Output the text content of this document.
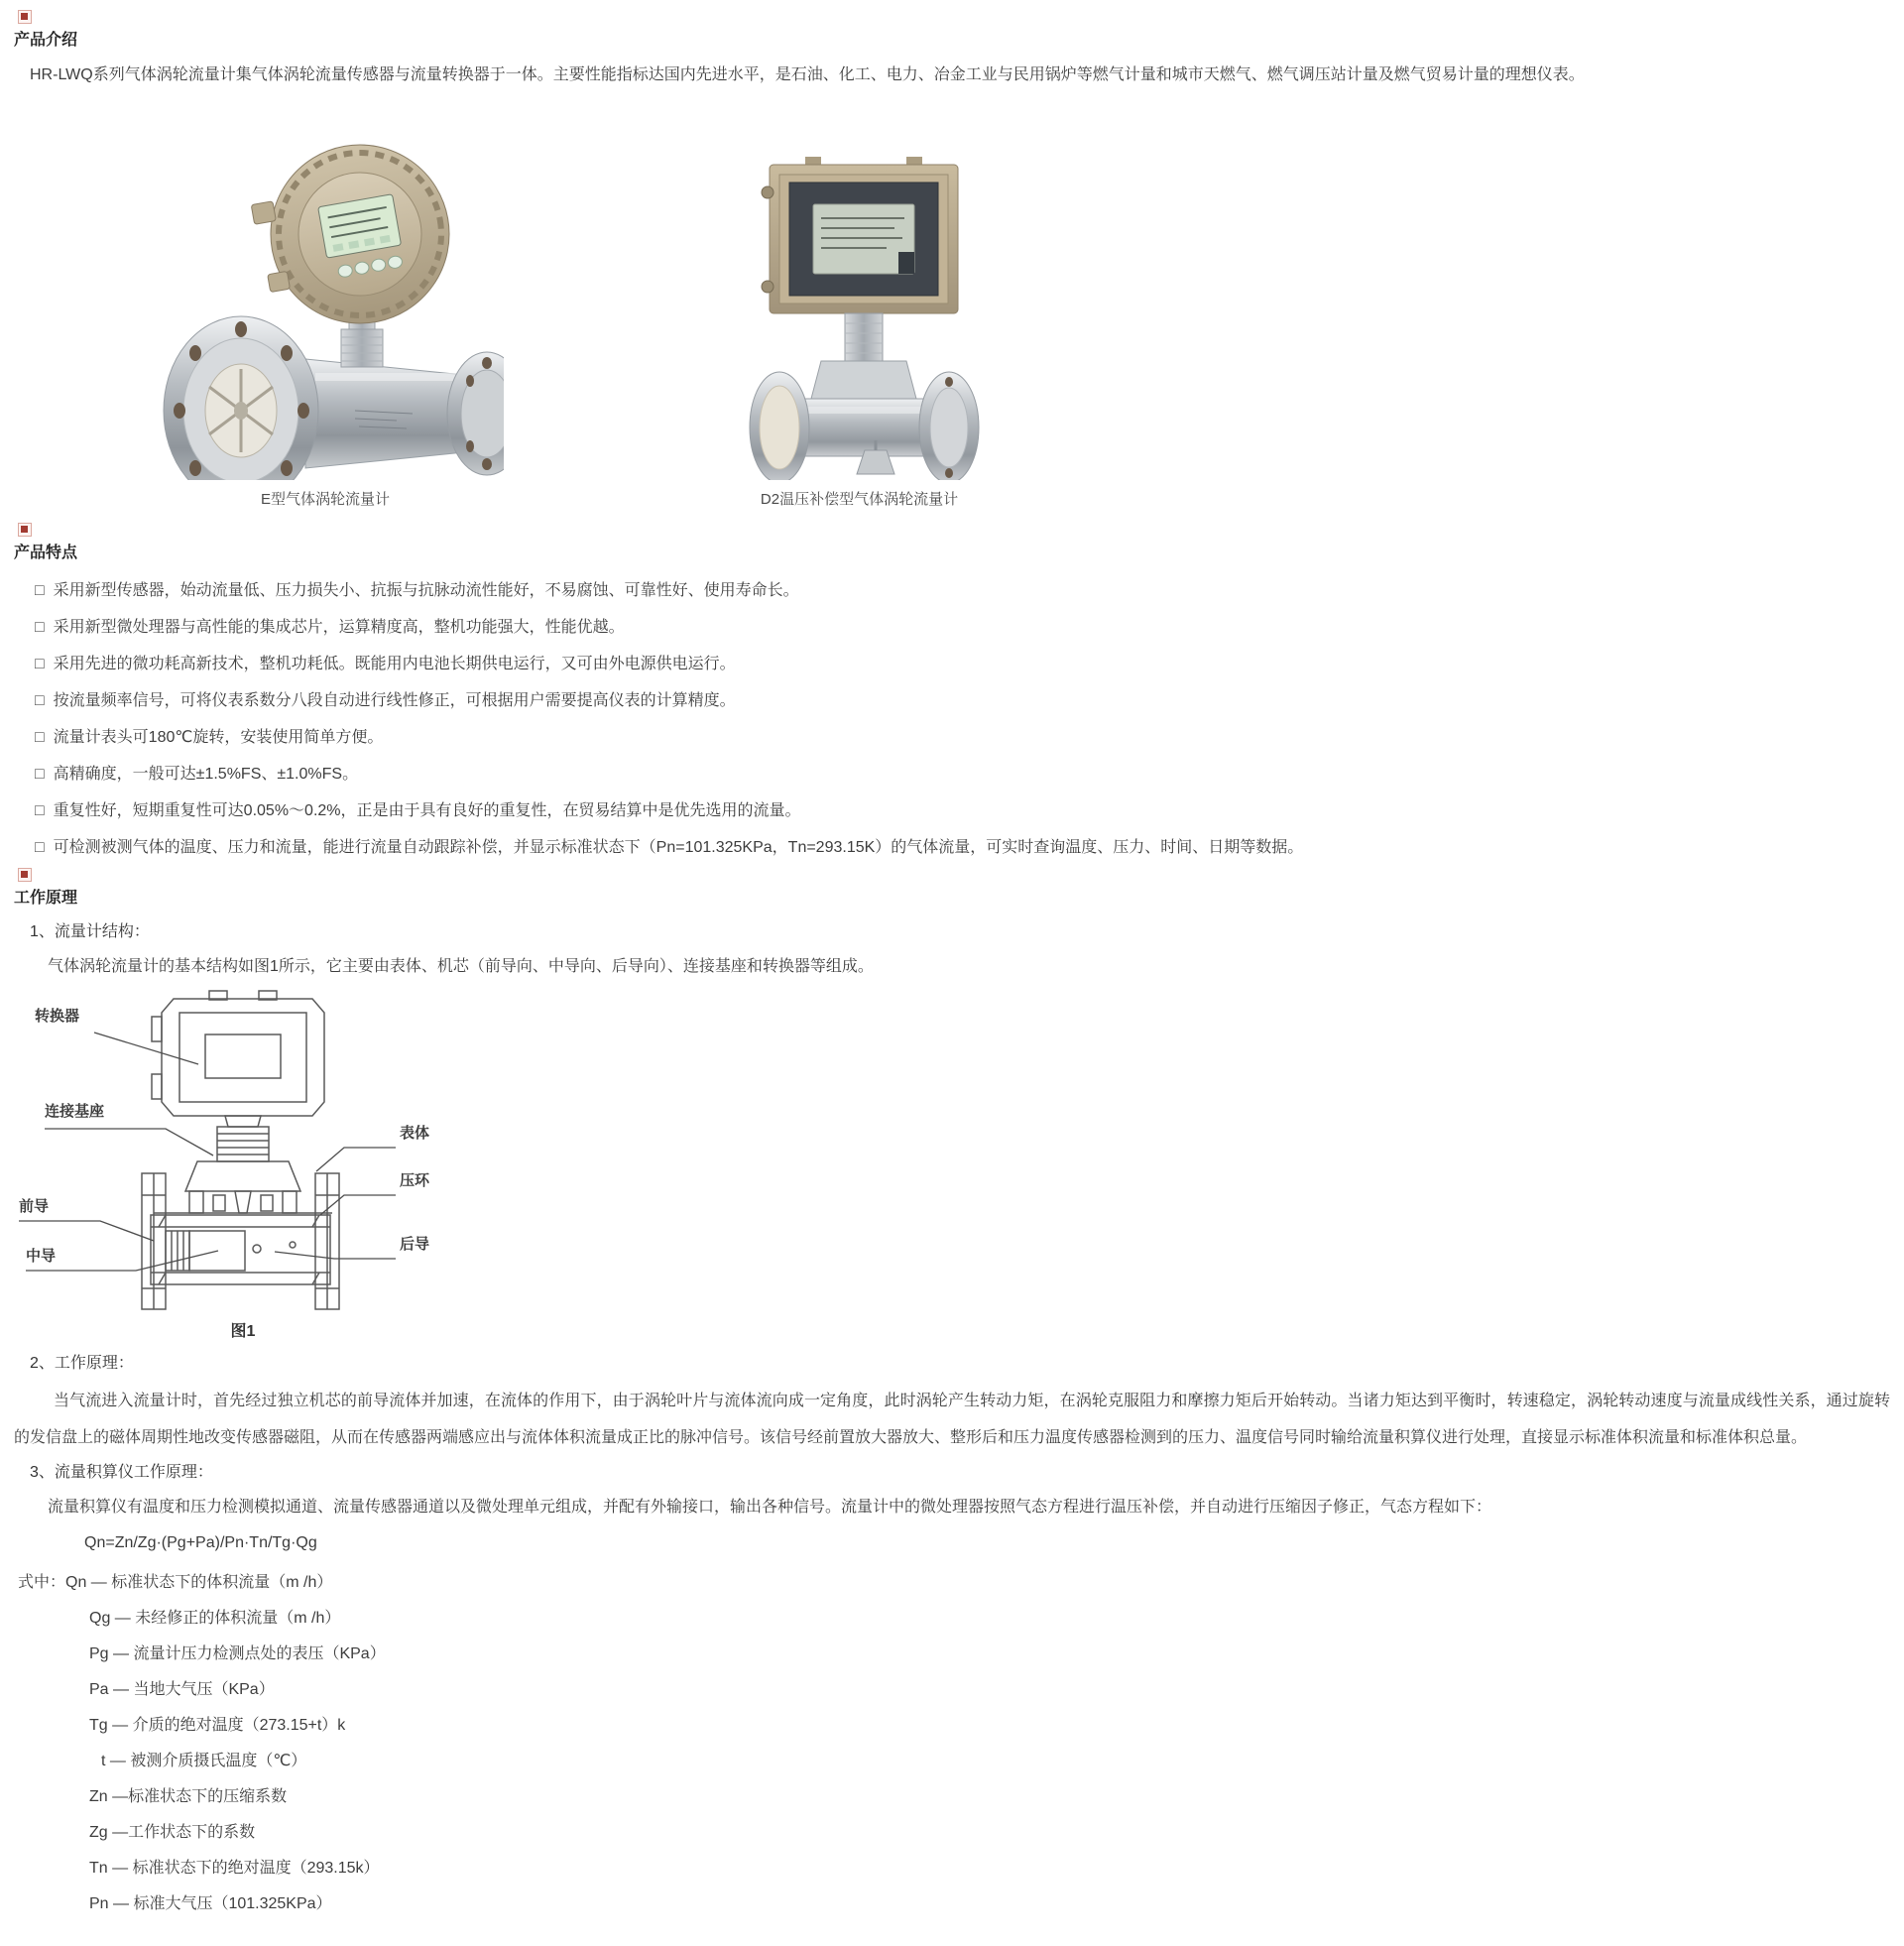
产品介绍

HR-LWQ系列气体涡轮流量计集气体涡轮流量传感器与流量转换器于一体。主要性能指标达国内先进水平，是石油、化工、电力、冶金工业与民用锅炉等燃气计量和城市天燃气、燃气调压站计量及燃气贸易计量的理想仪表。

E型气体涡轮流量计	D2温压补偿型气体涡轮流量计
产品特点
□ 采用新型传感器，始动流量低、压力损失小、抗振与抗脉动流性能好，不易腐蚀、可靠性好、使用寿命长。
□ 采用新型微处理器与高性能的集成芯片，运算精度高，整机功能强大，性能优越。
□ 采用先进的微功耗高新技术，整机功耗低。既能用内电池长期供电运行，又可由外电源供电运行。
□ 按流量频率信号，可将仪表系数分八段自动进行线性修正，可根据用户需要提高仪表的计算精度。
□ 流量计表头可180℃旋转，安装使用简单方便。
□ 高精确度，一般可达±1.5%FS、±1.0%FS。
□ 重复性好，短期重复性可达0.05%～0.2%，正是由于具有良好的重复性，在贸易结算中是优先选用的流量。
□ 可检测被测气体的温度、压力和流量，能进行流量自动跟踪补偿，并显示标准状态下（Pn=101.325KPa，Tn=293.15K）的气体流量，可实时查询温度、压力、时间、日期等数据。
工作原理
1、流量计结构：
气体涡轮流量计的基本结构如图1所示，它主要由表体、机芯（前导向、中导向、后导向）、连接基座和转换器等组成。
转换器
连接基座
表体
压环
前导
中导
后导
图1
2、工作原理：

当气流进入流量计时，首先经过独立机芯的前导流体并加速，在流体的作用下，由于涡轮叶片与流体流向成一定角度，此时涡轮产生转动力矩，在涡轮克服阻力和摩擦力矩后开始转动。当诸力矩达到平衡时，转速稳定，涡轮转动速度与流量成线性关系，通过旋转的发信盘上的磁体周期性地改变传感器磁阻，从而在传感器两端感应出与流体体积流量成正比的脉冲信号。该信号经前置放大器放大、整形后和压力温度传感器检测到的压力、温度信号同时输给流量积算仪进行处理，直接显示标准体积流量和标准体积总量。

3、流量积算仪工作原理：
流量积算仪有温度和压力检测模拟通道、流量传感器通道以及微处理单元组成，并配有外输接口，输出各种信号。流量计中的微处理器按照气态方程进行温压补偿，并自动进行压缩因子修正，气态方程如下：
Qn=Zn/Zg·(Pg+Pa)/Pn·Tn/Tg·Qg
式中：Qn — 标准状态下的体积流量（m /h）
Qg — 未经修正的体积流量（m /h）
Pg — 流量计压力检测点处的表压（KPa）
Pa — 当地大气压（KPa）
Tg — 介质的绝对温度（273.15+t）k
t — 被测介质摄氏温度（℃）
Zn —标准状态下的压缩系数
Zg —工作状态下的系数
Tn — 标准状态下的绝对温度（293.15k）
Pn — 标准大气压（101.325KPa）
